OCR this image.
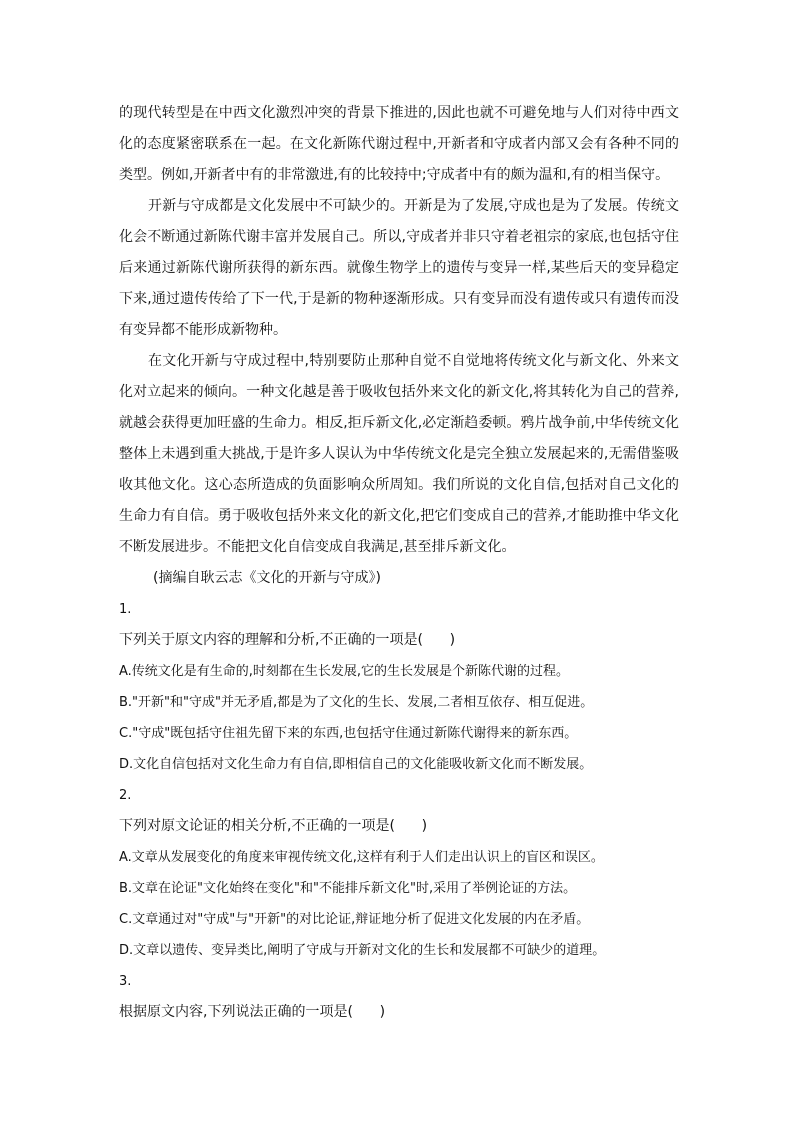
的现代转型是在中西文化激烈冲突的背景下推进的,因此也就不可避免地与人们对待中西文化的态度紧密联系在一起。在文化新陈代谢过程中,开新者和守成者内部又会有各种不同的类型。例如,开新者中有的非常激进,有的比较持中;守成者中有的颇为温和,有的相当保守。

开新与守成都是文化发展中不可缺少的。开新是为了发展,守成也是为了发展。传统文化会不断通过新陈代谢丰富并发展自己。所以,守成者并非只守着老祖宗的家底,也包括守住后来通过新陈代谢所获得的新东西。就像生物学上的遗传与变异一样,某些后天的变异稳定下来,通过遗传传给了下一代,于是新的物种逐渐形成。只有变异而没有遗传或只有遗传而没有变异都不能形成新物种。

在文化开新与守成过程中,特别要防止那种自觉不自觉地将传统文化与新文化、外来文化对立起来的倾向。一种文化越是善于吸收包括外来文化的新文化,将其转化为自己的营养,就越会获得更加旺盛的生命力。相反,拒斥新文化,必定渐趋委顿。鸦片战争前,中华传统文化整体上未遇到重大挑战,于是许多人误认为中华传统文化是完全独立发展起来的,无需借鉴吸收其他文化。这心态所造成的负面影响众所周知。我们所说的文化自信,包括对自己文化的生命力有自信。勇于吸收包括外来文化的新文化,把它们变成自己的营养,才能助推中华文化不断发展进步。不能把文化自信变成自我满足,甚至排斥新文化。

(摘编自耿云志《文化的开新与守成》)

1.

下列关于原文内容的理解和分析,不正确的一项是(      )

A.传统文化是有生命的,时刻都在生长发展,它的生长发展是个新陈代谢的过程。

B."开新"和"守成"并无矛盾,都是为了文化的生长、发展,二者相互依存、相互促进。

C."守成"既包括守住祖先留下来的东西,也包括守住通过新陈代谢得来的新东西。

D.文化自信包括对文化生命力有自信,即相信自己的文化能吸收新文化而不断发展。

2.

下列对原文论证的相关分析,不正确的一项是(      )

A.文章从发展变化的角度来审视传统文化,这样有利于人们走出认识上的盲区和误区。

B.文章在论证"文化始终在变化"和"不能排斥新文化"时,采用了举例论证的方法。

C.文章通过对"守成"与"开新"的对比论证,辩证地分析了促进文化发展的内在矛盾。

D.文章以遗传、变异类比,阐明了守成与开新对文化的生长和发展都不可缺少的道理。

3.

根据原文内容,下列说法正确的一项是(      )
